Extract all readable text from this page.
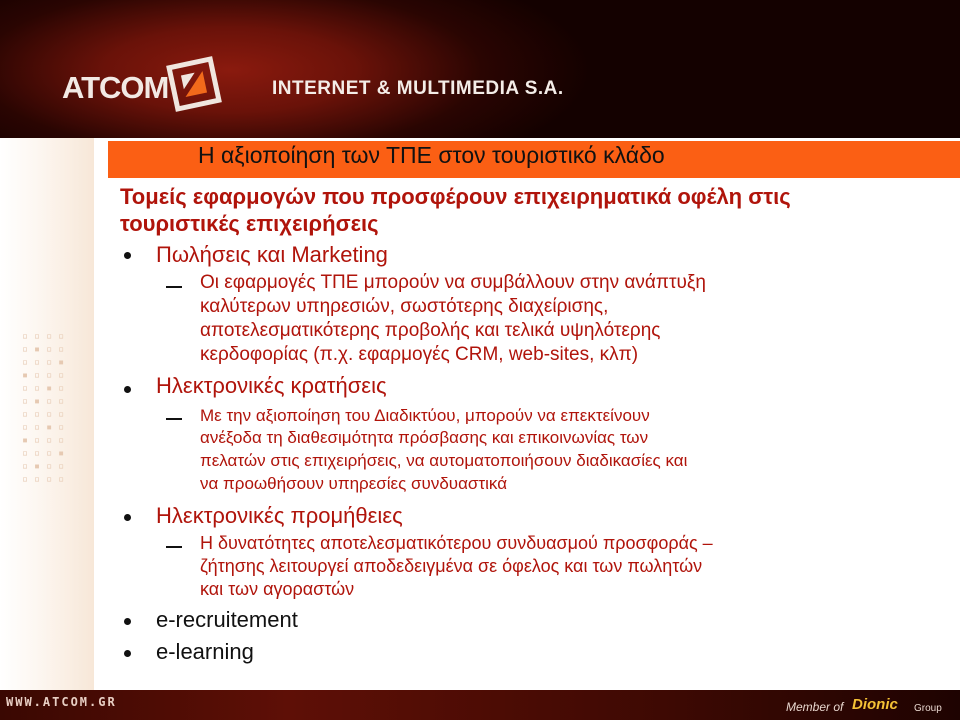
ATCOM	INTERNET & MULTIMEDIA S.A.
▫ ▫ ▫ ▫
▫ ▪ ▫ ▫
▫ ▫ ▫ ▪
▪ ▫ ▫ ▫
▫ ▫ ▪ ▫
▫ ▪ ▫ ▫
▫ ▫ ▫ ▫
▫ ▫ ▪ ▫
▪ ▫ ▫ ▫
▫ ▫ ▫ ▪
▫ ▪ ▫ ▫
▫ ▫ ▫ ▫
Η αξιοποίηση των ΤΠΕ στον τουριστικό κλάδο
Τομείς εφαρμογών που προσφέρουν επιχειρηματικά οφέλη στις τουριστικές επιχειρήσεις
Πωλήσεις και Marketing
Οι εφαρμογές ΤΠΕ μπορούν να συμβάλλουν στην ανάπτυξη
καλύτερων υπηρεσιών, σωστότερης διαχείρισης,
αποτελεσματικότερης προβολής και τελικά υψηλότερης
κερδοφορίας (π.χ. εφαρμογές CRM, web-sites, κλπ)
Ηλεκτρονικές κρατήσεις
Με την αξιοποίηση του Διαδικτύου, μπορούν να επεκτείνουν
ανέξοδα τη διαθεσιμότητα πρόσβασης και επικοινωνίας των
πελατών στις επιχειρήσεις, να αυτοματοποιήσουν διαδικασίες και
να προωθήσουν υπηρεσίες συνδυαστικά
Ηλεκτρονικές προμήθειες
Η δυνατότητες αποτελεσματικότερου συνδυασμού προσφοράς –
ζήτησης λειτουργεί αποδεδειγμένα σε όφελος και των πωλητών
και των αγοραστών
e-recruitement
e-learning
WWW.ATCOM.GR	Member of Dionic Group
